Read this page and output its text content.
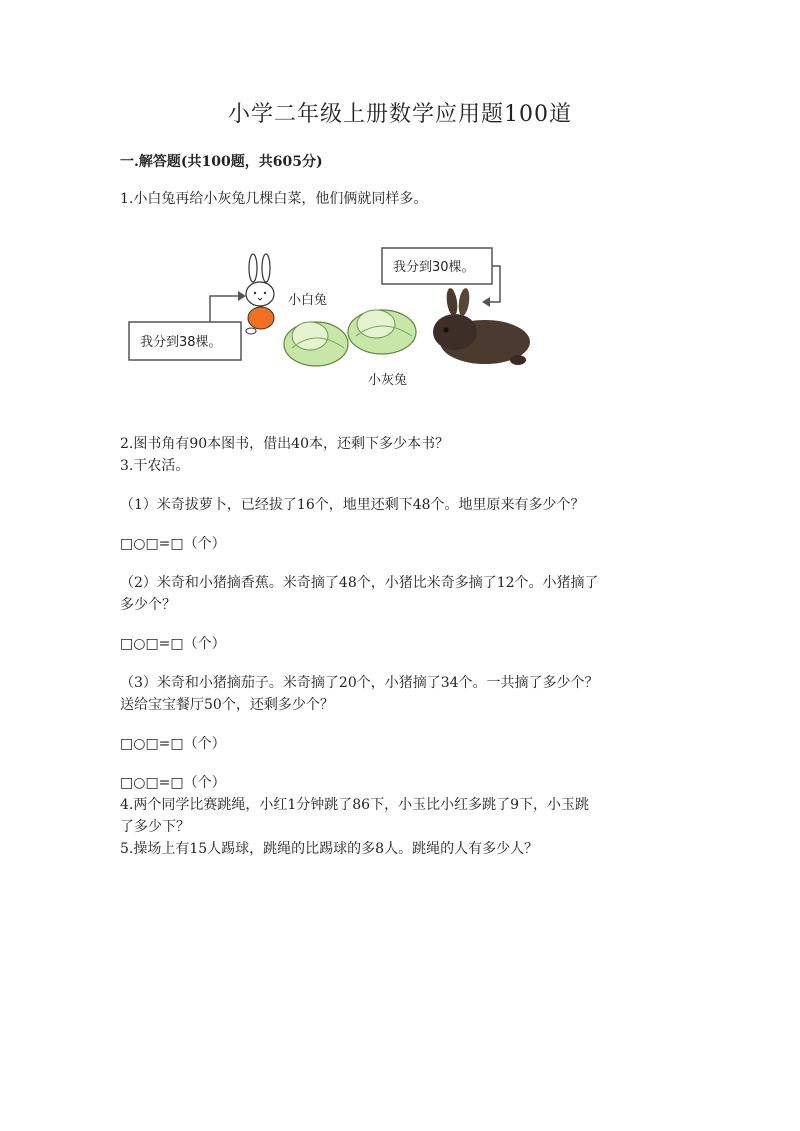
小学二年级上册数学应用题100道
一.解答题(共100题，共605分)
1.小白兔再给小灰兔几棵白菜，他们俩就同样多。
我分到38棵。
小白兔
我分到30棵。
小灰兔
2.图书角有90本图书，借出40本，还剩下多少本书？
3.干农活。
（1）米奇拔萝卜，已经拔了16个，地里还剩下48个。地里原来有多少个？
□○□=□（个）
（2）米奇和小猪摘香蕉。米奇摘了48个，小猪比米奇多摘了12个。小猪摘了
多少个？
□○□=□（个）
（3）米奇和小猪摘茄子。米奇摘了20个，小猪摘了34个。一共摘了多少个？
送给宝宝餐厅50个，还剩多少个？
□○□=□（个）
□○□=□（个）
4.两个同学比赛跳绳，小红1分钟跳了86下，小玉比小红多跳了9下，小玉跳
了多少下？
5.操场上有15人踢球，跳绳的比踢球的多8人。跳绳的人有多少人？
